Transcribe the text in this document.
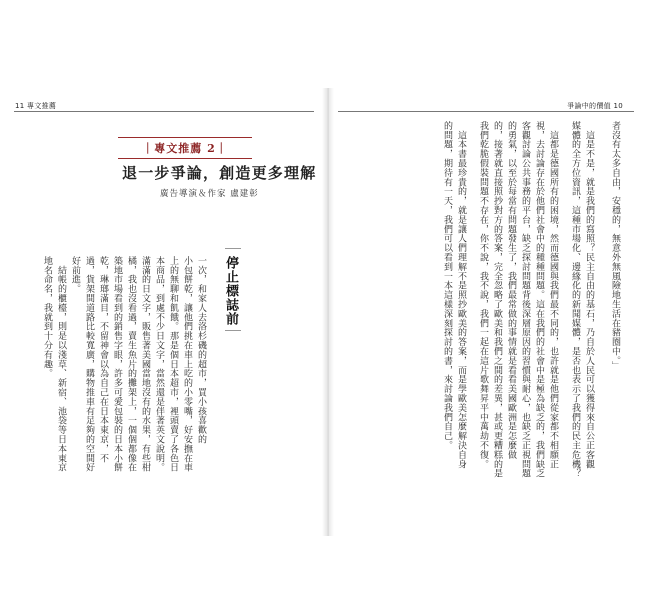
11 專文推薦	爭論中的價值 10
｜專文推薦 2｜
退一步爭論，創造更多理解
廣告導演＆作家 盧建彰
停止標誌前
一次，和家人去洛杉磯的超市，買小孩喜歡的
小包餅乾，讓他們挑在車上吃的小零嘴，好安撫在車
上的無聊和飢餓。那是個日本超市，裡頭賣了各色日
本商品，到處不少日文字，當然還是伴著英文說明。
滿滿的日文字，販售著美國當地沒有的水果，有些柑
橘，我也沒看過，賣生魚片的攤架上，一個個都像在
築地市場看到的銷售字眼，許多可愛包裝的日本小餅
乾，琳瑯滿目，不留神會以為自己在日本東京，不
過，貨架間道路比較寬廣，購物推車有足夠的空間好
好前進。
　結帳的櫃檯，則是以淺草、新宿、池袋等日本東京
地名命名，我就到十分有趣。	者沒有太多自由，安穩的，無意外無風險地生活在豬圈中。」
　這是不是，就是我們的寫照？民主自由的基石，乃自於人民可以獲得來自公正客觀
媒體的全方位資訊，這種市場化、邊緣化的新聞媒體，是否也表示了我們的民主危機？
　這都是德國所有的困境，然而德國與我們最不同的，也許就是他們從家都不相願正
視，去討論存在於他們社會中的種種問題。這在我們的社會中是極為缺乏的，我們缺乏
客觀討論公共事務的平台，缺乏探討問題背後深層原因的習慣與耐心，也缺乏正視問題
的勇氣，以至於每當有問題發生了，我們最常做的事情就是看看美國歐洲是怎麼做
的，接著就直接照抄對方的答案，完全忽略了歐美和我們之間的差異，甚或更糟糕的是
我們乾脆假裝問題不存在，你不說，我不說，我們一起在這片歌舞昇平中萬劫不復。
　這本書最珍貴的，就是讓人們理解不是照抄歐美的答案，而是學歐美怎麼解決自身
的問題，期待有一天，我們可以看到一本這樣深刻探討的書，來討論我們自己。
